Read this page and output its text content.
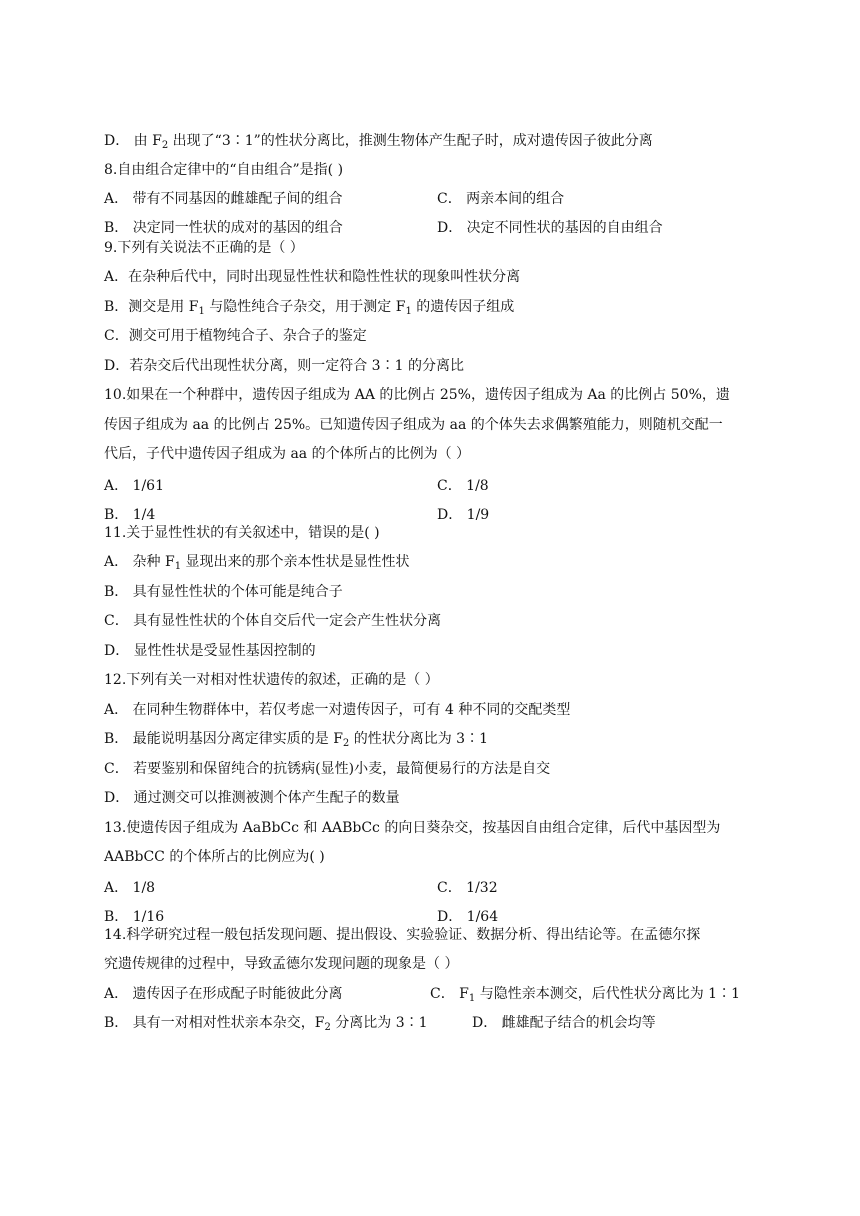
D． 由 $F_2$ 出现了“3∶1”的性状分离比，推测生物体产生配子时，成对遗传因子彼此分离
8.自由组合定律中的“自由组合”是指( )
A． 带有不同基因的雌雄配子间的组合	C． 两亲本间的组合
B． 决定同一性状的成对的基因的组合	D． 决定不同性状的基因的自由组合
9.下列有关说法不正确的是（ ）
A．在杂种后代中，同时出现显性性状和隐性性状的现象叫性状分离
B．测交是用 $F_1$ 与隐性纯合子杂交，用于测定 $F_1$ 的遗传因子组成
C．测交可用于植物纯合子、杂合子的鉴定
D．若杂交后代出现性状分离，则一定符合 3∶1 的分离比
10.如果在一个种群中，遗传因子组成为 AA 的比例占 25%，遗传因子组成为 Aa 的比例占 50%，遗
传因子组成为 aa 的比例占 25%。已知遗传因子组成为 aa 的个体失去求偶繁殖能力，则随机交配一
代后，子代中遗传因子组成为 aa 的个体所占的比例为（ ）
A． 1/61	C． 1/8
B． 1/4	D． 1/9
11.关于显性性状的有关叙述中，错误的是( )
A． 杂种 $F_1$ 显现出来的那个亲本性状是显性性状
B． 具有显性性状的个体可能是纯合子
C． 具有显性性状的个体自交后代一定会产生性状分离
D． 显性性状是受显性基因控制的
12.下列有关一对相对性状遗传的叙述，正确的是（ ）
A． 在同种生物群体中，若仅考虑一对遗传因子，可有 4 种不同的交配类型
B． 最能说明基因分离定律实质的是 $F_2$ 的性状分离比为 3∶1
C． 若要鉴别和保留纯合的抗锈病(显性)小麦，最简便易行的方法是自交
D． 通过测交可以推测被测个体产生配子的数量
13.使遗传因子组成为 AaBbCc 和 AABbCc 的向日葵杂交，按基因自由组合定律，后代中基因型为
AABbCC 的个体所占的比例应为( )
A． 1/8	C． 1/32
B． 1/16	D． 1/64
14.科学研究过程一般包括发现问题、提出假设、实验验证、数据分析、得出结论等。在孟德尔探
究遗传规律的过程中，导致孟德尔发现问题的现象是（ ）
A． 遗传因子在形成配子时能彼此分离	C． $F_1$ 与隐性亲本测交，后代性状分离比为 1∶1
B． 具有一对相对性状亲本杂交，$F_2$ 分离比为 3∶1	D． 雌雄配子结合的机会均等
